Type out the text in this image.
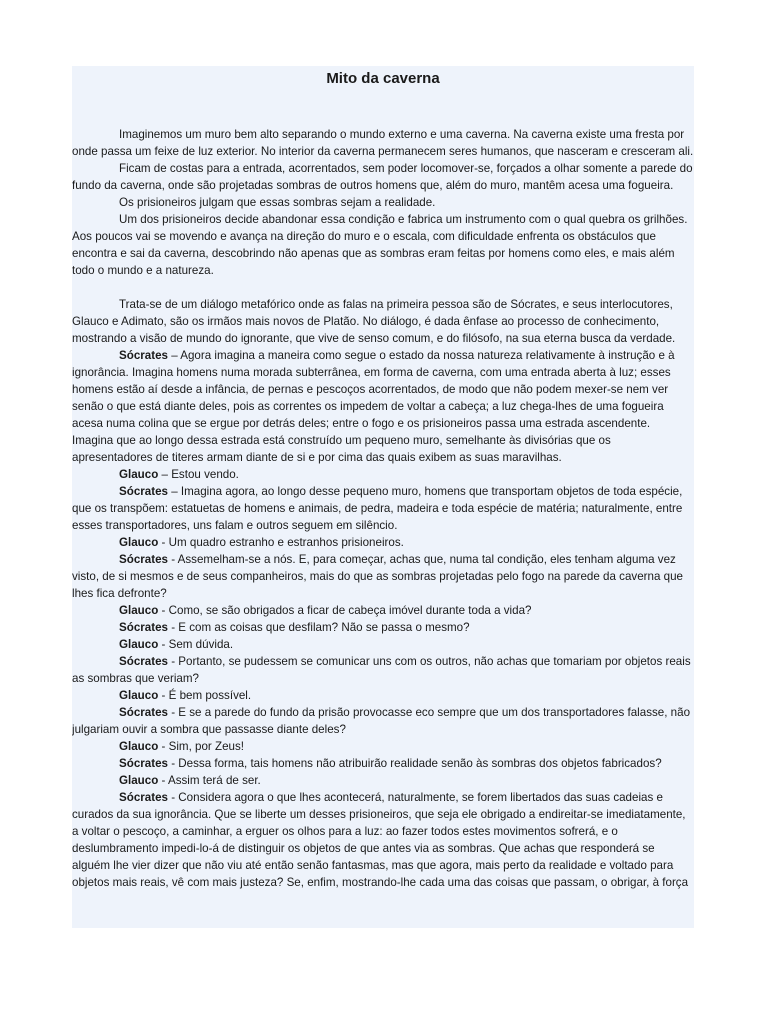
Mito da caverna

Imaginemos um muro bem alto separando o mundo externo e uma caverna. Na caverna existe uma fresta por onde passa um feixe de luz exterior. No interior da caverna permanecem seres humanos, que nasceram e cresceram ali.

Ficam de costas para a entrada, acorrentados, sem poder locomover-se, forçados a olhar somente a parede do fundo da caverna, onde são projetadas sombras de outros homens que, além do muro, mantêm acesa uma fogueira.

Os prisioneiros julgam que essas sombras sejam a realidade.

Um dos prisioneiros decide abandonar essa condição e fabrica um instrumento com o qual quebra os grilhões. Aos poucos vai se movendo e avança na direção do muro e o escala, com dificuldade enfrenta os obstáculos que encontra e sai da caverna, descobrindo não apenas que as sombras eram feitas por homens como eles, e mais além todo o mundo e a natureza.

Trata-se de um diálogo metafórico onde as falas na primeira pessoa são de Sócrates, e seus interlocutores, Glauco e Adimato, são os irmãos mais novos de Platão. No diálogo, é dada ênfase ao processo de conhecimento, mostrando a visão de mundo do ignorante, que vive de senso comum, e do filósofo, na sua eterna busca da verdade.

Sócrates – Agora imagina a maneira como segue o estado da nossa natureza relativamente à instrução e à ignorância. Imagina homens numa morada subterrânea, em forma de caverna, com uma entrada aberta à luz; esses homens estão aí desde a infância, de pernas e pescoços acorrentados, de modo que não podem mexer-se nem ver senão o que está diante deles, pois as correntes os impedem de voltar a cabeça; a luz chega-lhes de uma fogueira acesa numa colina que se ergue por detrás deles; entre o fogo e os prisioneiros passa uma estrada ascendente. Imagina que ao longo dessa estrada está construído um pequeno muro, semelhante às divisórias que os apresentadores de titeres armam diante de si e por cima das quais exibem as suas maravilhas.

Glauco – Estou vendo.

Sócrates – Imagina agora, ao longo desse pequeno muro, homens que transportam objetos de toda espécie, que os transpõem: estatuetas de homens e animais, de pedra, madeira e toda espécie de matéria; naturalmente, entre esses transportadores, uns falam e outros seguem em silêncio.

Glauco - Um quadro estranho e estranhos prisioneiros.

Sócrates - Assemelham-se a nós. E, para começar, achas que, numa tal condição, eles tenham alguma vez visto, de si mesmos e de seus companheiros, mais do que as sombras projetadas pelo fogo na parede da caverna que lhes fica defronte?

Glauco - Como, se são obrigados a ficar de cabeça imóvel durante toda a vida?

Sócrates - E com as coisas que desfilam? Não se passa o mesmo?

Glauco - Sem dúvida.

Sócrates - Portanto, se pudessem se comunicar uns com os outros, não achas que tomariam por objetos reais as sombras que veriam?

Glauco - É bem possível.

Sócrates - E se a parede do fundo da prisão provocasse eco sempre que um dos transportadores falasse, não julgariam ouvir a sombra que passasse diante deles?

Glauco - Sim, por Zeus!

Sócrates - Dessa forma, tais homens não atribuirão realidade senão às sombras dos objetos fabricados?

Glauco - Assim terá de ser.

Sócrates - Considera agora o que lhes acontecerá, naturalmente, se forem libertados das suas cadeias e curados da sua ignorância. Que se liberte um desses prisioneiros, que seja ele obrigado a endireitar-se imediatamente, a voltar o pescoço, a caminhar, a erguer os olhos para a luz: ao fazer todos estes movimentos sofrerá, e o deslumbramento impedi-lo-á de distinguir os objetos de que antes via as sombras. Que achas que responderá se alguém lhe vier dizer que não viu até então senão fantasmas, mas que agora, mais perto da realidade e voltado para objetos mais reais, vê com mais justeza? Se, enfim, mostrando-lhe cada uma das coisas que passam, o obrigar, à força
